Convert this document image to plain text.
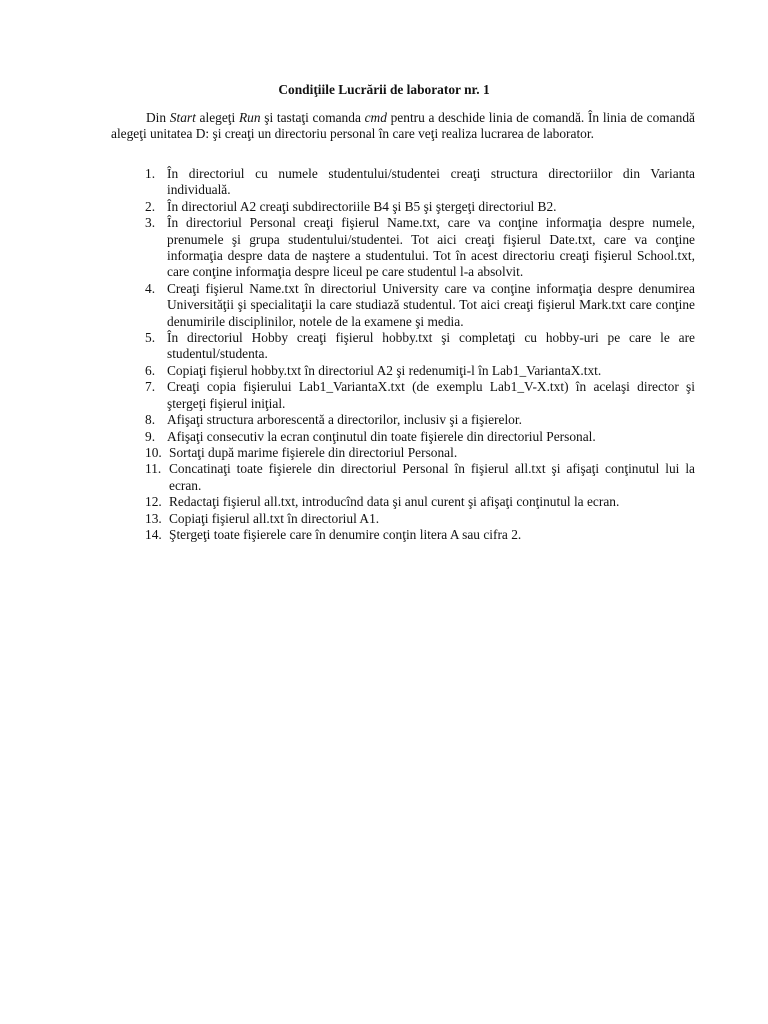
Condiţiile Lucrării de laborator nr. 1

Din Start alegeţi Run şi tastaţi comanda cmd pentru a deschide linia de comandă. În linia de comandă alegeţi unitatea D: şi creaţi un directoriu personal în care veţi realiza lucrarea de laborator.

1. În directoriul cu numele studentului/studentei creaţi structura directoriilor din Varianta individuală.
2. În directoriul A2 creaţi subdirectoriile B4 şi B5 şi ştergeţi directoriul B2.
3. În directoriul Personal creaţi fişierul Name.txt, care va conţine informaţia despre numele, prenumele şi grupa studentului/studentei. Tot aici creaţi fişierul Date.txt, care va conţine informaţia despre data de naştere a studentului. Tot în acest directoriu creaţi fişierul School.txt, care conţine informaţia despre liceul pe care studentul l-a absolvit.
4. Creaţi fişierul Name.txt în directoriul University care va conţine informaţia despre denumirea Universităţii şi specialitaţii la care studiază studentul. Tot aici creaţi fişierul Mark.txt care conţine denumirile disciplinilor, notele de la examene şi media.
5. În directoriul Hobby creaţi fişierul hobby.txt şi completaţi cu hobby-uri pe care le are studentul/studenta.
6. Copiaţi fişierul hobby.txt în directoriul A2 şi redenumiţi-l în Lab1_VariantaX.txt.
7. Creaţi copia fişierului Lab1_VariantaX.txt (de exemplu Lab1_V-X.txt) în acelaşi director şi ştergeţi fişierul iniţial.
8. Afişaţi structura arborescentă a directorilor, inclusiv şi a fişierelor.
9. Afişaţi consecutiv la ecran conţinutul din toate fişierele din directoriul Personal.
10. Sortaţi după marime fişierele din directoriul Personal.
11. Concatinaţi toate fişierele din directoriul Personal în fişierul all.txt şi afişaţi conţinutul lui la ecran.
12. Redactaţi fişierul all.txt, introducînd data şi anul curent şi afişaţi conţinutul la ecran.
13. Copiaţi fişierul all.txt în directoriul A1.
14. Ştergeţi toate fişierele care în denumire conţin litera A sau cifra 2.
